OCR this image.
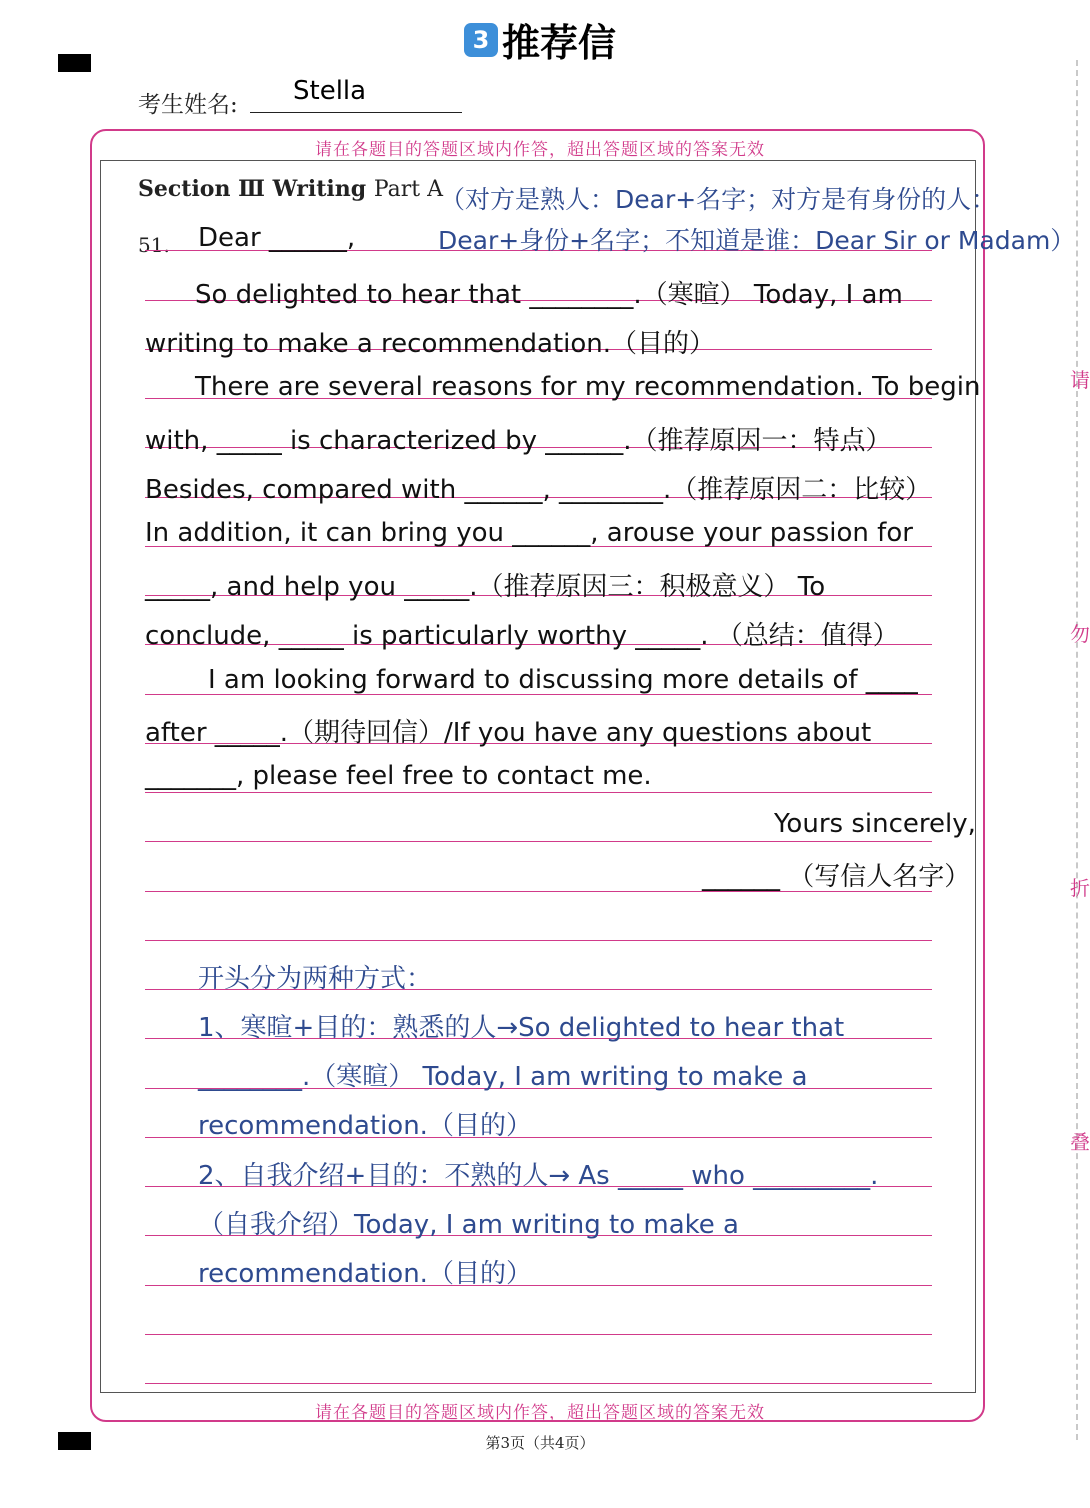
请
勿
折
叠
3 推荐信
考生姓名: Stella
请在各题目的答题区域内作答，超出答题区域的答案无效
请在各题目的答题区域内作答，超出答题区域的答案无效
Section Ⅲ Writing Part A
51.
（对方是熟人：Dear+名字；对方是有身份的人：
Dear+身份+名字；不知道是谁：Dear Sir or Madam）
Dear ______,
So delighted to hear that ________.（寒暄） Today, I am
writing to make a recommendation.（目的）
There are several reasons for my recommendation. To begin
with, _____ is characterized by ______.（推荐原因一：特点）
Besides, compared with ______, ________.（推荐原因二：比较）
In addition, it can bring you ______, arouse your passion for
_____, and help you _____.（推荐原因三：积极意义） To
conclude, _____ is particularly worthy _____. （总结：值得）
I am looking forward to discussing more details of ____
after _____.（期待回信）/If you have any questions about
_______, please feel free to contact me.
Yours sincerely,
______ （写信人名字）
开头分为两种方式：
1、寒暄+目的：熟悉的人→So delighted to hear that
________.（寒暄） Today, I am writing to make a
recommendation.（目的）
2、自我介绍+目的：不熟的人→ As _____ who _________.
（自我介绍）Today, I am writing to make a
recommendation.（目的）
第3页（共4页）
